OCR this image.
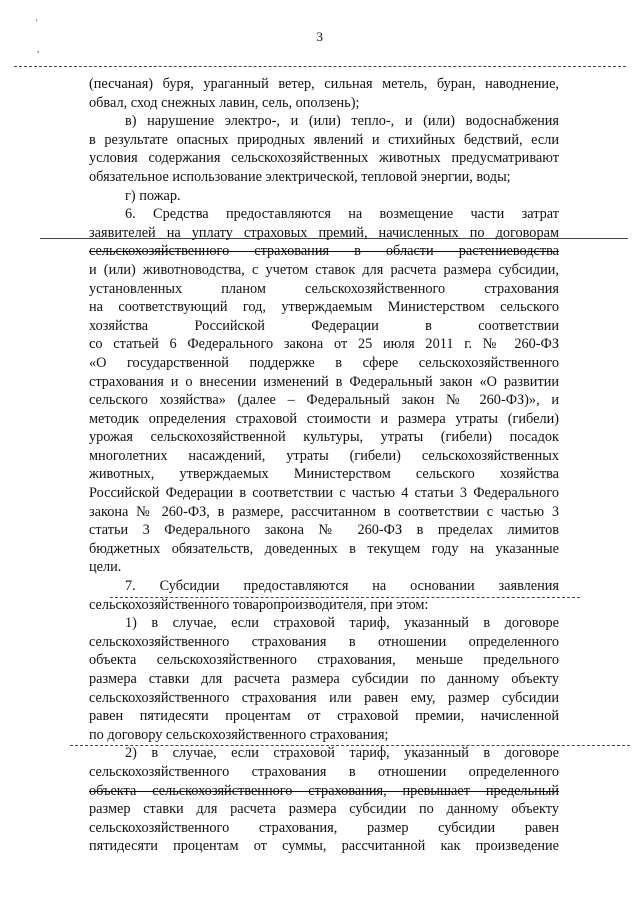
3
'
,
(песчаная) буря, ураганный ветер, сильная метель, буран, наводнение,
обвал, сход снежных лавин, сель, оползень);
в) нарушение электро-, и (или) тепло-, и (или) водоснабжения
в результате опасных природных явлений и стихийных бедствий, если
условия содержания сельскохозяйственных животных предусматривают
обязательное использование электрической, тепловой энергии, воды;
г) пожар.
6. Средства предоставляются на возмещение части затрат
заявителей на уплату страховых премий, начисленных по договорам
сельскохозяйственного страхования в области растениеводства
и (или) животноводства, с учетом ставок для расчета размера субсидии,
установленных планом сельскохозяйственного страхования
на соответствующий год, утверждаемым Министерством сельского
хозяйства Российской Федерации в соответствии
со статьей 6 Федерального закона от 25 июля 2011 г. № 260-ФЗ
«О государственной поддержке в сфере сельскохозяйственного
страхования и о внесении изменений в Федеральный закон «О развитии
сельского хозяйства» (далее – Федеральный закон № 260-ФЗ)», и
методик определения страховой стоимости и размера утраты (гибели)
урожая сельскохозяйственной культуры, утраты (гибели) посадок
многолетних насаждений, утраты (гибели) сельскохозяйственных
животных, утверждаемых Министерством сельского хозяйства
Российской Федерации в соответствии с частью 4 статьи 3 Федерального
закона № 260-ФЗ, в размере, рассчитанном в соответствии с частью 3
статьи 3 Федерального закона № 260-ФЗ в пределах лимитов
бюджетных обязательств, доведенных в текущем году на указанные
цели.
7. Субсидии предоставляются на основании заявления
сельскохозяйственного товаропроизводителя, при этом:
1) в случае, если страховой тариф, указанный в договоре
сельскохозяйственного страхования в отношении определенного
объекта сельскохозяйственного страхования, меньше предельного
размера ставки для расчета размера субсидии по данному объекту
сельскохозяйственного страхования или равен ему, размер субсидии
равен пятидесяти процентам от страховой премии, начисленной
по договору сельскохозяйственного страхования;
2) в случае, если страховой тариф, указанный в договоре
сельскохозяйственного страхования в отношении определенного
объекта сельскохозяйственного страхования, превышает предельный
размер ставки для расчета размера субсидии по данному объекту
сельскохозяйственного страхования, размер субсидии равен
пятидесяти процентам от суммы, рассчитанной как произведение
